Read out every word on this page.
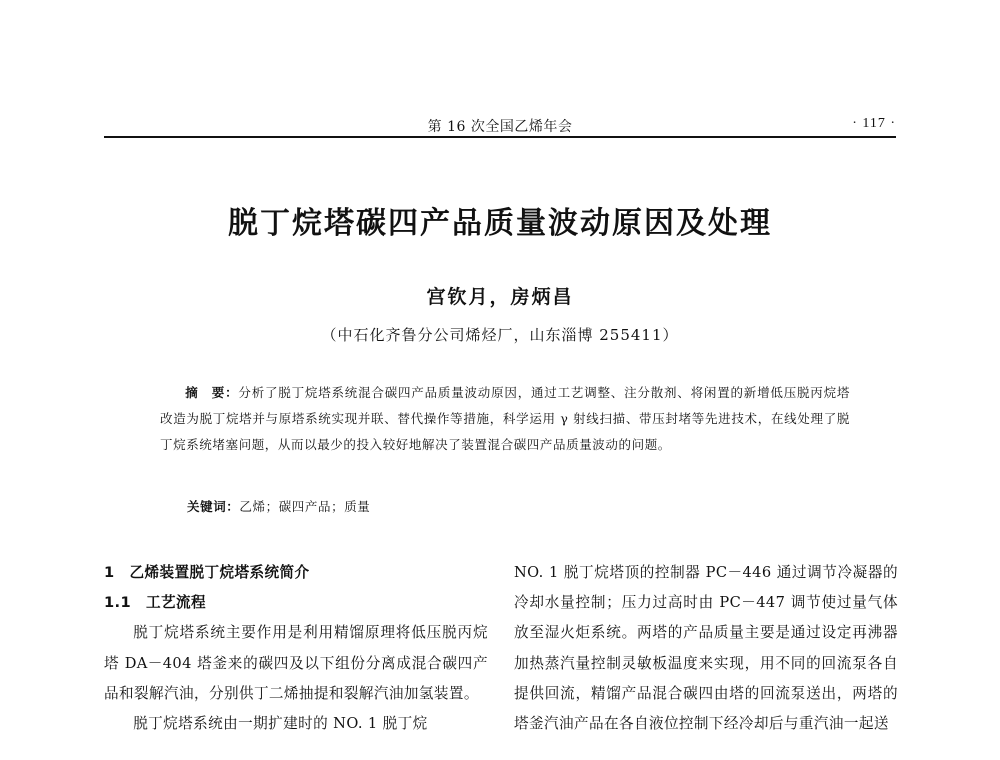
第 16 次全国乙烯年会	· 117 ·
脱丁烷塔碳四产品质量波动原因及处理
宫钦月，房炳昌
（中石化齐鲁分公司烯烃厂，山东淄博 255411）
摘　要：分析了脱丁烷塔系统混合碳四产品质量波动原因，通过工艺调整、注分散剂、将闲置的新增低压脱丙烷塔改造为脱丁烷塔并与原塔系统实现并联、替代操作等措施，科学运用 γ 射线扫描、带压封堵等先进技术，在线处理了脱丁烷系统堵塞问题，从而以最少的投入较好地解决了装置混合碳四产品质量波动的问题。
关键词：乙烯；碳四产品；质量
1　乙烯装置脱丁烷塔系统简介
1.1　工艺流程
脱丁烷塔系统主要作用是利用精馏原理将低压脱丙烷塔 DA－404 塔釜来的碳四及以下组份分离成混合碳四产品和裂解汽油，分别供丁二烯抽提和裂解汽油加氢装置。
脱丁烷塔系统由一期扩建时的 NO. 1 脱丁烷
NO. 1 脱丁烷塔顶的控制器 PC－446 通过调节冷凝器的冷却水量控制；压力过高时由 PC－447 调节使过量气体放至湿火炬系统。两塔的产品质量主要是通过设定再沸器加热蒸汽量控制灵敏板温度来实现，用不同的回流泵各自提供回流，精馏产品混合碳四由塔的回流泵送出，两塔的塔釜汽油产品在各自液位控制下经冷却后与重汽油一起送
